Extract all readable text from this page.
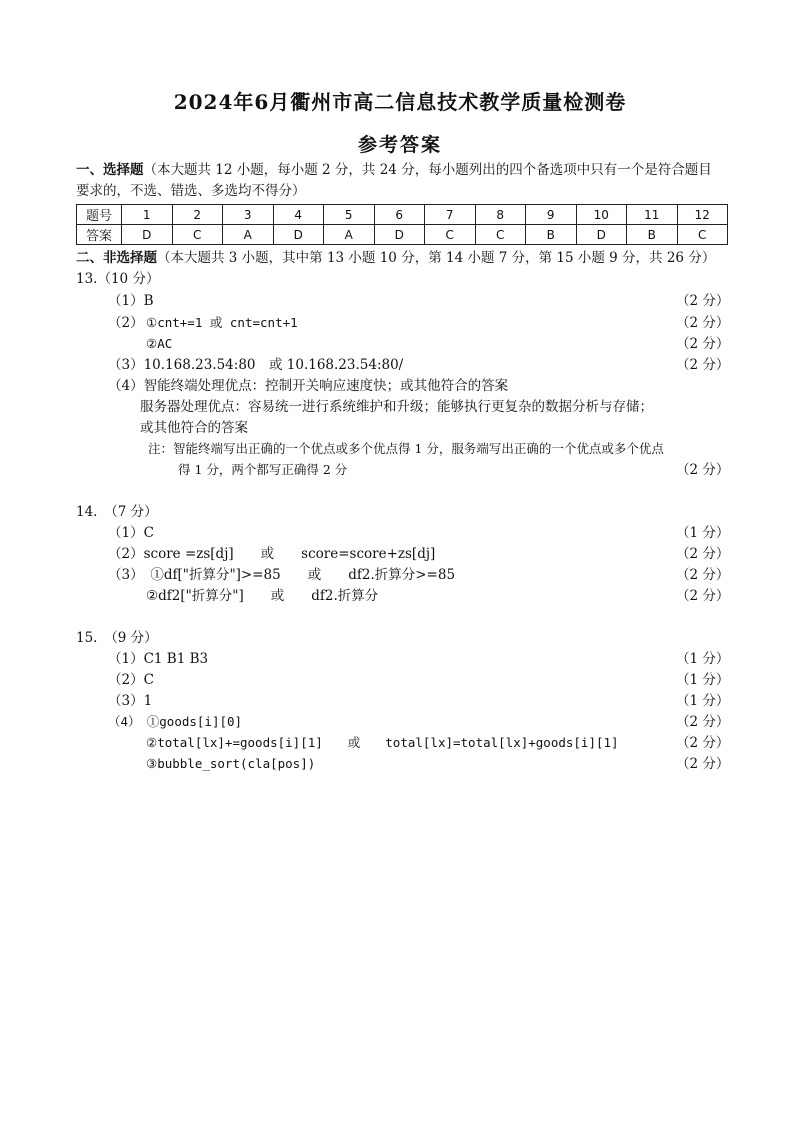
2024年6月衢州市高二信息技术教学质量检测卷
参考答案
一、选择题（本大题共 12 小题，每小题 2 分，共 24 分，每小题列出的四个备选项中只有一个是符合题目
要求的，不选、错选、多选均不得分）
题号	1	2	3	4	5	6	7	8	9	10	11	12
答案	D	C	A	D	A	D	C	C	B	D	B	C
二、非选择题（本大题共 3 小题，其中第 13 小题 10 分，第 14 小题 7 分，第 15 小题 9 分，共 26 分）
13.（10 分）
（1）B	（2 分）
（2） ①cnt+=1 或 cnt=cnt+1	（2 分）
②AC	（2 分）
（3）10.168.23.54:80　或 10.168.23.54:80/	（2 分）
（4）智能终端处理优点：控制开关响应速度快；或其他符合的答案
服务器处理优点：容易统一进行系统维护和升级；能够执行更复杂的数据分析与存储；
或其他符合的答案
注：智能终端写出正确的一个优点或多个优点得 1 分，服务端写出正确的一个优点或多个优点
得 1 分，两个都写正确得 2 分	（2 分）
14.　（7 分）
（1）C	（1 分）
（2）score =zs[dj]　　或　　score=score+zs[dj]	（2 分）
（3）　①df["折算分"]>=85　　或　　df2.折算分>=85	（2 分）
②df2["折算分"]　　或　　df2.折算分	（2 分）
15.　（9 分）
（1）C1 B1 B3	（1 分）
（2）C	（1 分）
（3）1	（1 分）
（4）　①goods[i][0]	（2 分）
②total[lx]+=goods[i][1]　　或　　total[lx]=total[lx]+goods[i][1]	（2 分）
③bubble_sort(cla[pos])	（2 分）
